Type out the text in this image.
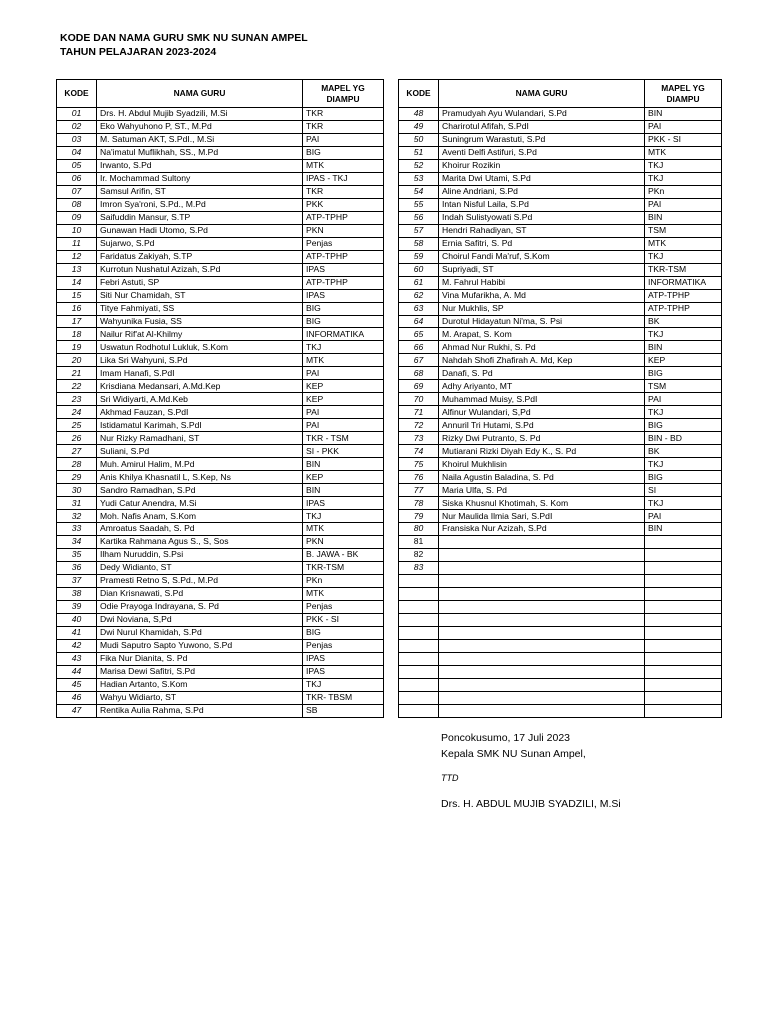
KODE DAN NAMA GURU SMK NU SUNAN AMPEL
TAHUN PELAJARAN 2023-2024
KODE	NAMA GURU	MAPEL YG DIAMPU
01	Drs. H. Abdul Mujib Syadzili, M.Si	TKR
02	Eko Wahyuhono P, ST., M.Pd	TKR
03	M. Satuman AKT, S.PdI., M.Si	PAI
04	Na'imatul Muflikhah, SS., M.Pd	BIG
05	Irwanto, S.Pd	MTK
06	Ir. Mochammad Sultony	IPAS - TKJ
07	Samsul Arifin, ST	TKR
08	Imron Sya'roni, S.Pd., M.Pd	PKK
09	Saifuddin Mansur, S.TP	ATP-TPHP
10	Gunawan Hadi Utomo, S.Pd	PKN
11	Sujarwo, S.Pd	Penjas
12	Faridatus Zakiyah, S.TP	ATP-TPHP
13	Kurrotun Nushatul Azizah, S.Pd	IPAS
14	Febri Astuti, SP	ATP-TPHP
15	Siti Nur Chamidah, ST	IPAS
16	Titye Fahmiyati, SS	BIG
17	Wahyunika Fusia, SS	BIG
18	Nailur Rif'at Al-Khilmy	INFORMATIKA
19	Uswatun Rodhotul Lukluk, S.Kom	TKJ
20	Lika Sri Wahyuni, S.Pd	MTK
21	Imam Hanafi, S.PdI	PAI
22	Krisdiana Medansari, A.Md.Kep	KEP
23	Sri Widiyarti, A.Md.Keb	KEP
24	Akhmad Fauzan, S.PdI	PAI
25	Istidamatul Karimah, S.PdI	PAI
26	Nur Rizky Ramadhani, ST	TKR - TSM
27	Suliani, S.Pd	SI - PKK
28	Muh. Amirul Halim, M.Pd	BIN
29	Anis Khilya Khasnatil L, S.Kep, Ns	KEP
30	Sandro Ramadhan, S.Pd	BIN
31	Yudi Catur Anendra, M.Si	IPAS
32	Moh. Nafis Anam, S.Kom	TKJ
33	Amroatus Saadah, S. Pd	MTK
34	Kartika Rahmana Agus S., S, Sos	PKN
35	Ilham Nuruddin, S.Psi	B. JAWA - BK
36	Dedy Widianto, ST	TKR-TSM
37	Pramesti Retno S, S.Pd., M.Pd	PKn
38	Dian Krisnawati, S.Pd	MTK
39	Odie Prayoga Indrayana, S. Pd	Penjas
40	Dwi Noviana, S,Pd	PKK - SI
41	Dwi Nurul Khamidah, S.Pd	BIG
42	Mudi Saputro Sapto Yuwono, S.Pd	Penjas
43	Fika Nur Dianita, S. Pd	IPAS
44	Marisa Dewi Safitri, S.Pd	IPAS
45	Hadian Artanto, S.Kom	TKJ
46	Wahyu Widiarto, ST	TKR- TBSM
47	Rentika Aulia Rahma, S.Pd	SB
KODE	NAMA GURU	MAPEL YG DIAMPU
48	Pramudyah Ayu Wulandari, S.Pd	BIN
49	Charirotul Afifah, S.PdI	PAI
50	Suningrum Warastuti, S.Pd	PKK - SI
51	Aventi Delfi Astifuri, S.Pd	MTK
52	Khoirur Rozikin	TKJ
53	Marita Dwi Utami, S.Pd	TKJ
54	Aline Andriani, S.Pd	PKn
55	Intan Nisful Laila, S.Pd	PAI
56	Indah Sulistyowati S.Pd	BIN
57	Hendri Rahadiyan, ST	TSM
58	Ernia Safitri, S. Pd	MTK
59	Choirul Fandi Ma'ruf, S.Kom	TKJ
60	Supriyadi, ST	TKR-TSM
61	M. Fahrul Habibi	INFORMATIKA
62	Vina Mufarikha, A. Md	ATP-TPHP
63	Nur Mukhlis, SP	ATP-TPHP
64	Durotul Hidayatun Ni'ma, S. Psi	BK
65	M. Arapat, S. Kom	TKJ
66	Ahmad Nur Rukhi, S. Pd	BIN
67	Nahdah Shofi Zhafirah A. Md, Kep	KEP
68	Danafi, S. Pd	BIG
69	Adhy Ariyanto, MT	TSM
70	Muhammad Muisy, S.PdI	PAI
71	Alfinur Wulandari, S,Pd	TKJ
72	Annuril Tri Hutami, S.Pd	BIG
73	Rizky Dwi Putranto, S. Pd	BIN - BD
74	Mutiarani Rizki Diyah Edy K., S. Pd	BK
75	Khoirul Mukhlisin	TKJ
76	Naila Agustin Baladina, S. Pd	BIG
77	Maria Ulfa, S. Pd	SI
78	Siska Khusnul Khotimah, S. Kom	TKJ
79	Nur Maulida Ilmia Sari, S.PdI	PAI
80	Fransiska Nur Azizah, S.Pd	BIN
81		
82		
83		

Poncokusumo, 17 Juli 2023
Kepala SMK NU Sunan Ampel,
TTD
Drs. H. ABDUL MUJIB SYADZILI, M.Si
